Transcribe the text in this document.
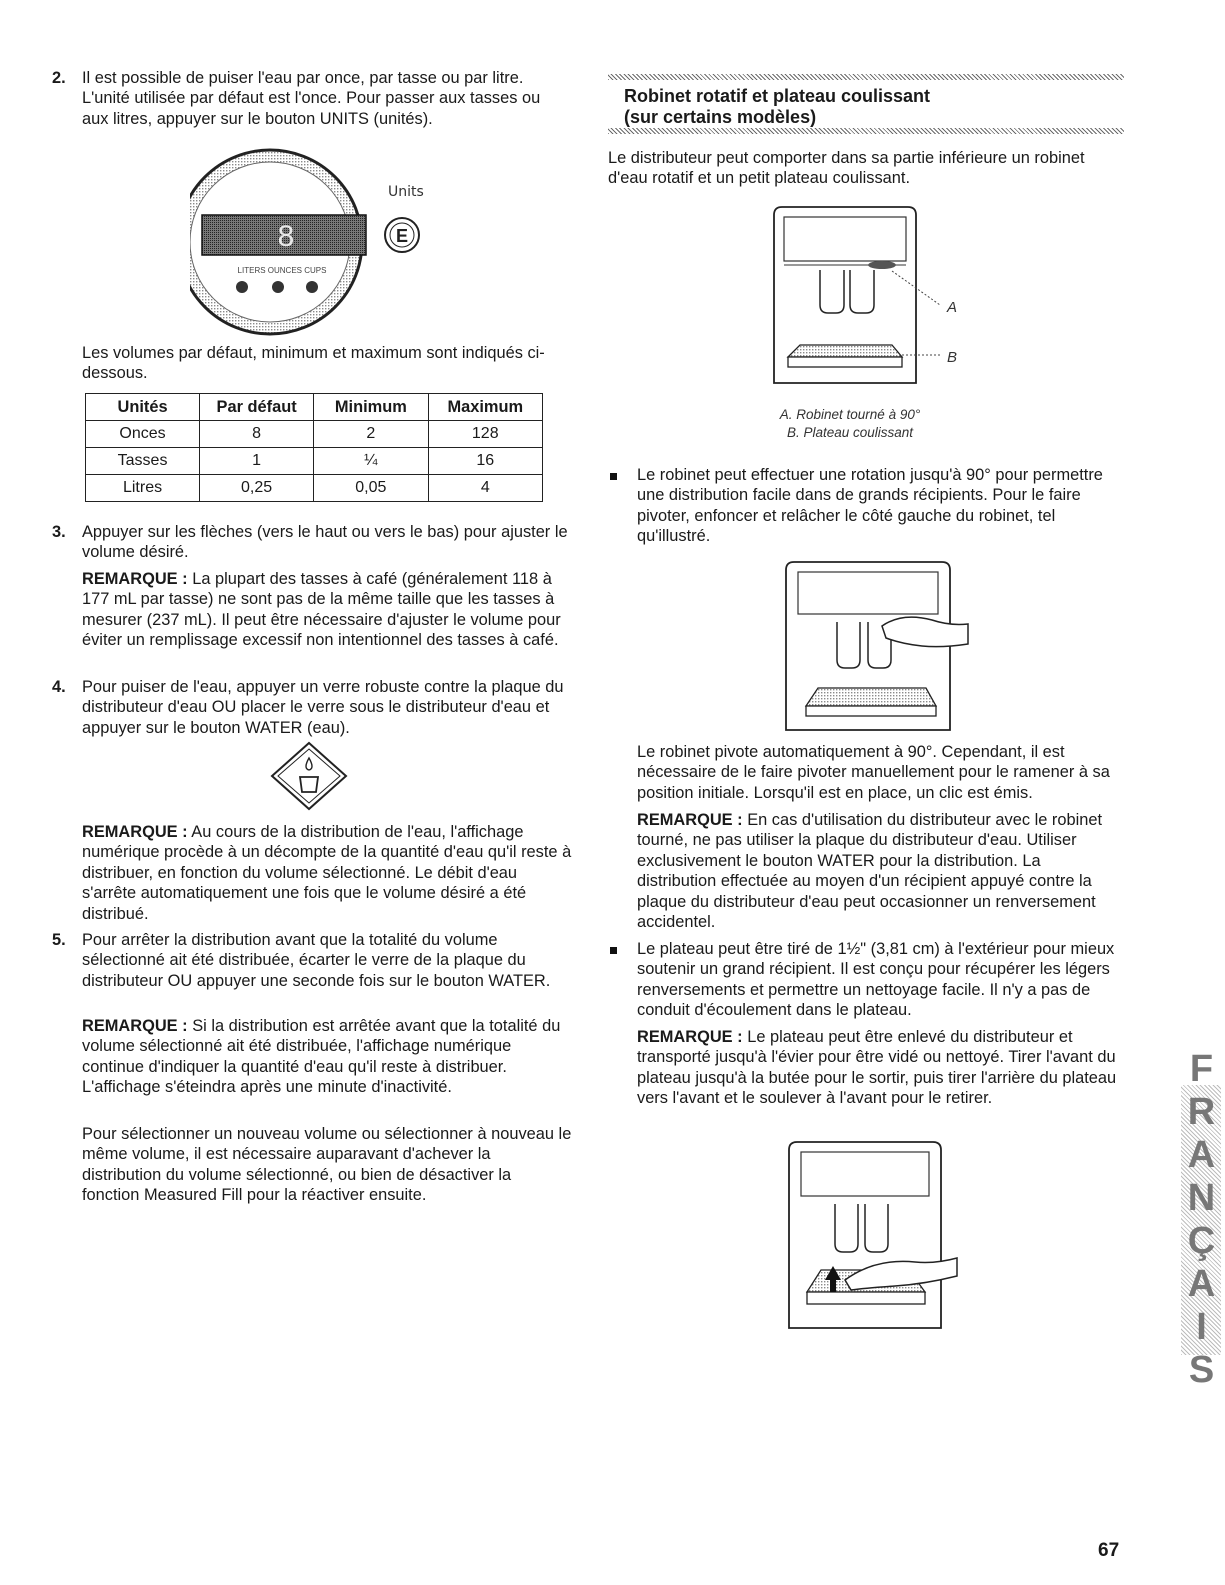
2. Il est possible de puiser l'eau par once, par tasse ou par litre. L'unité utilisée par défaut est l'once. Pour passer aux tasses ou aux litres, appuyer sur le bouton UNITS (unités).

8
LITERS OUNCES CUPS
Units
E

Les volumes par défaut, minimum et maximum sont indiqués ci-dessous.

Unités	Par défaut	Minimum	Maximum
Onces	8	2	128
Tasses	1	¼	16
Litres	0,25	0,05	4
3. Appuyer sur les flèches (vers le haut ou vers le bas) pour ajuster le volume désiré.

REMARQUE : La plupart des tasses à café (généralement 118 à 177 mL par tasse) ne sont pas de la même taille que les tasses à mesurer (237 mL). Il peut être nécessaire d'ajuster le volume pour éviter un remplissage excessif non intentionnel des tasses à café.

4. Pour puiser de l'eau, appuyer un verre robuste contre la plaque du distributeur d'eau OU placer le verre sous le distributeur d'eau et appuyer sur le bouton WATER (eau).

REMARQUE : Au cours de la distribution de l'eau, l'affichage numérique procède à un décompte de la quantité d'eau qu'il reste à distribuer, en fonction du volume sélectionné. Le débit d'eau s'arrête automatiquement une fois que le volume désiré a été distribué.

5. Pour arrêter la distribution avant que la totalité du volume sélectionné ait été distribuée, écarter le verre de la plaque du distributeur OU appuyer une seconde fois sur le bouton WATER.

REMARQUE : Si la distribution est arrêtée avant que la totalité du volume sélectionné ait été distribuée, l'affichage numérique continue d'indiquer la quantité d'eau qu'il reste à distribuer. L'affichage s'éteindra après une minute d'inactivité.

Pour sélectionner un nouveau volume ou sélectionner à nouveau le même volume, il est nécessaire auparavant d'achever la distribution du volume sélectionné, ou bien de désactiver la fonction Measured Fill pour la réactiver ensuite.

Robinet rotatif et plateau coulissant
(sur certains modèles)

Le distributeur peut comporter dans sa partie inférieure un robinet d'eau rotatif et un petit plateau coulissant.

A
B
A. Robinet tourné à 90°
B. Plateau coulissant

Le robinet peut effectuer une rotation jusqu'à 90° pour permettre une distribution facile dans de grands récipients. Pour le faire pivoter, enfoncer et relâcher le côté gauche du robinet, tel qu'illustré.

Le robinet pivote automatiquement à 90°. Cependant, il est nécessaire de le faire pivoter manuellement pour le ramener à sa position initiale. Lorsqu'il est en place, un clic est émis.

REMARQUE : En cas d'utilisation du distributeur avec le robinet tourné, ne pas utiliser la plaque du distributeur d'eau. Utiliser exclusivement le bouton WATER pour la distribution. La distribution effectuée au moyen d'un récipient appuyé contre la plaque du distributeur d'eau peut occasionner un renversement accidentel.

Le plateau peut être tiré de 1½" (3,81 cm) à l'extérieur pour mieux soutenir un grand récipient. Il est conçu pour récupérer les légers renversements et permettre un nettoyage facile. Il n'y a pas de conduit d'écoulement dans le plateau.

REMARQUE : Le plateau peut être enlevé du distributeur et transporté jusqu'à l'évier pour être vidé ou nettoyé. Tirer l'avant du plateau jusqu'à la butée pour le sortir, puis tirer l'arrière du plateau vers l'avant et le soulever à l'avant pour le retirer.	FRANÇAIS
67
